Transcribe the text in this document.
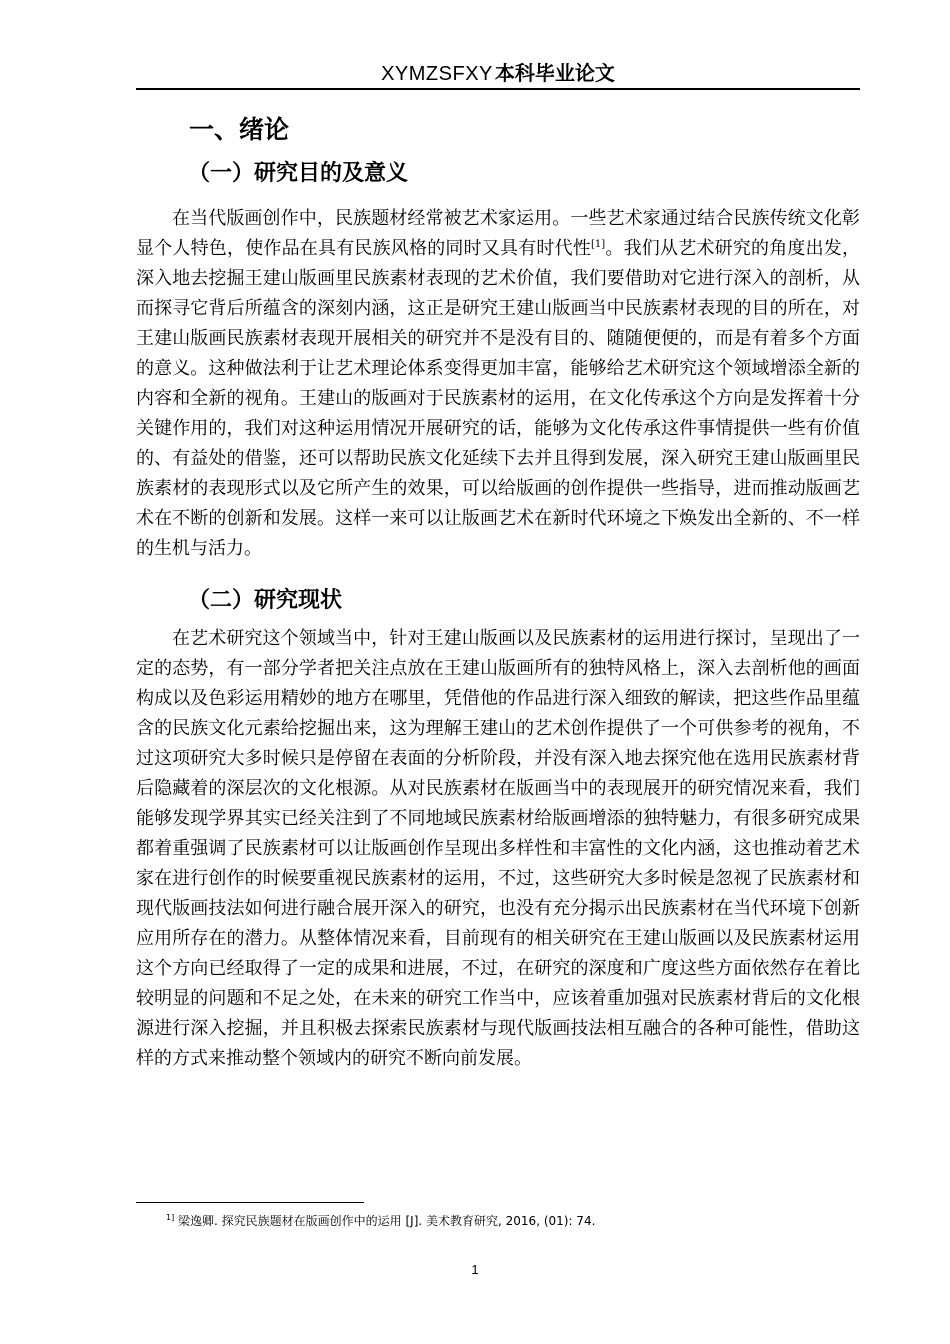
XYMZSFXY 本科毕业论文
一、绪论
（一）研究目的及意义

在当代版画创作中，民族题材经常被艺术家运用。一些艺术家通过结合民族传统文化彰显个人特色，使作品在具有民族风格的同时又具有时代性[1]。我们从艺术研究的角度出发，深入地去挖掘王建山版画里民族素材表现的艺术价值，我们要借助对它进行深入的剖析，从而探寻它背后所蕴含的深刻内涵，这正是研究王建山版画当中民族素材表现的目的所在，对王建山版画民族素材表现开展相关的研究并不是没有目的、随随便便的，而是有着多个方面的意义。这种做法利于让艺术理论体系变得更加丰富，能够给艺术研究这个领域增添全新的内容和全新的视角。王建山的版画对于民族素材的运用，在文化传承这个方向是发挥着十分关键作用的，我们对这种运用情况开展研究的话，能够为文化传承这件事情提供一些有价值的、有益处的借鉴，还可以帮助民族文化延续下去并且得到发展，深入研究王建山版画里民族素材的表现形式以及它所产生的效果，可以给版画的创作提供一些指导，进而推动版画艺术在不断的创新和发展。这样一来可以让版画艺术在新时代环境之下焕发出全新的、不一样的生机与活力。

（二）研究现状

在艺术研究这个领域当中，针对王建山版画以及民族素材的运用进行探讨，呈现出了一定的态势，有一部分学者把关注点放在王建山版画所有的独特风格上，深入去剖析他的画面构成以及色彩运用精妙的地方在哪里，凭借他的作品进行深入细致的解读，把这些作品里蕴含的民族文化元素给挖掘出来，这为理解王建山的艺术创作提供了一个可供参考的视角，不过这项研究大多时候只是停留在表面的分析阶段，并没有深入地去探究他在选用民族素材背后隐藏着的深层次的文化根源。从对民族素材在版画当中的表现展开的研究情况来看，我们能够发现学界其实已经关注到了不同地域民族素材给版画增添的独特魅力，有很多研究成果都着重强调了民族素材可以让版画创作呈现出多样性和丰富性的文化内涵，这也推动着艺术家在进行创作的时候要重视民族素材的运用，不过，这些研究大多时候是忽视了民族素材和现代版画技法如何进行融合展开深入的研究，也没有充分揭示出民族素材在当代环境下创新应用所存在的潜力。从整体情况来看，目前现有的相关研究在王建山版画以及民族素材运用这个方向已经取得了一定的成果和进展，不过，在研究的深度和广度这些方面依然存在着比较明显的问题和不足之处，在未来的研究工作当中，应该着重加强对民族素材背后的文化根源进行深入挖掘，并且积极去探索民族素材与现代版画技法相互融合的各种可能性，借助这样的方式来推动整个领域内的研究不断向前发展。

$^{1]}$ 梁逸卿. 探究民族题材在版画创作中的运用 [J]. 美术教育研究, 2016, (01): 74.
1
